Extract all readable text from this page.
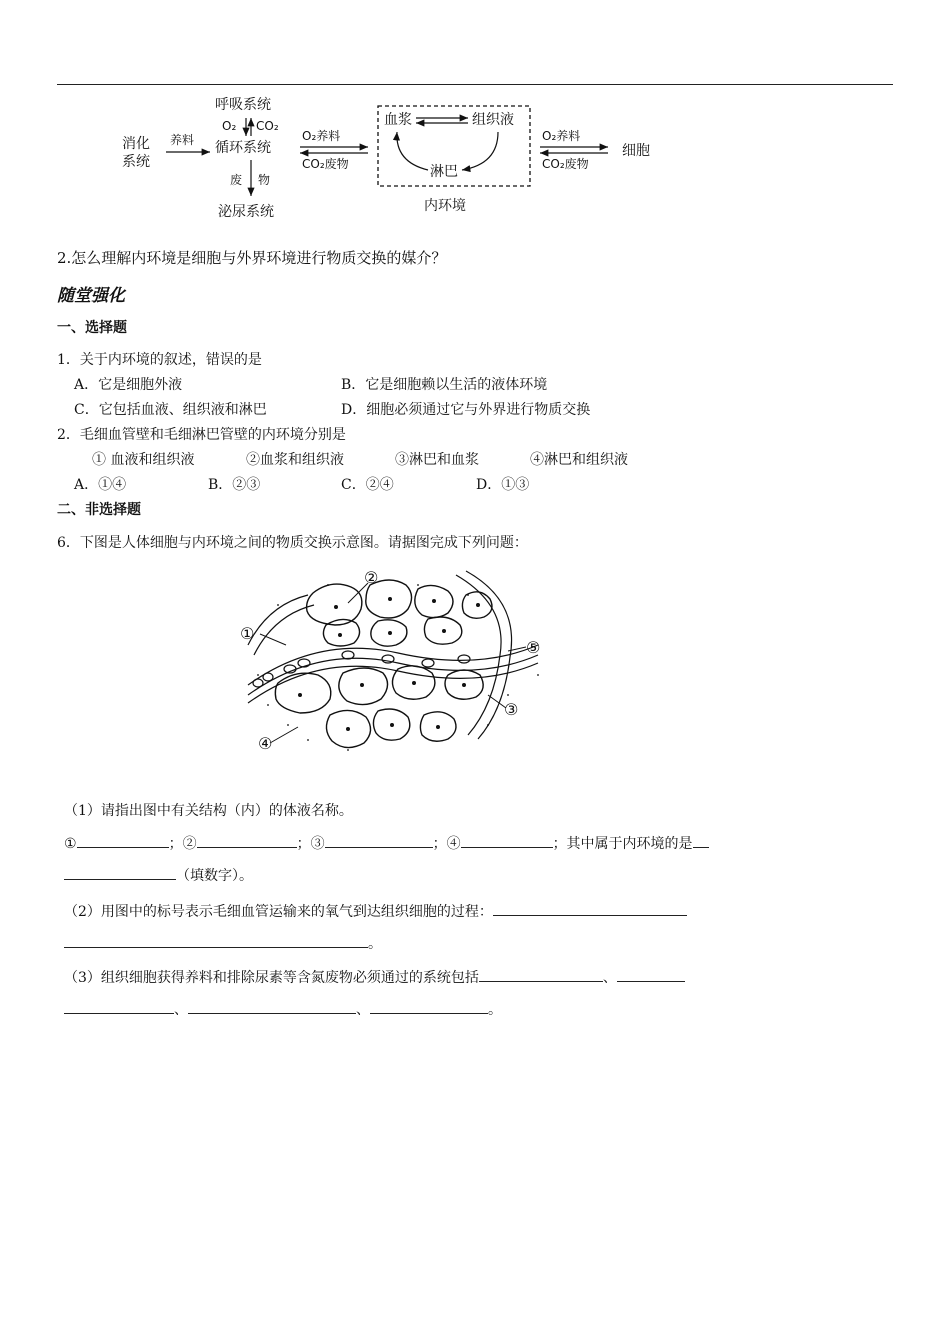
消化
系统
养料
呼吸系统
O₂ CO₂
循环系统
废 物
泌尿系统
O₂养料
CO₂废物
血浆	组织液
淋巴
内环境
O₂养料
CO₂废物
细胞
2.怎么理解内环境是细胞与外界环境进行物质交换的媒介？
随堂强化
一、选择题
1．关于内环境的叙述，错误的是
A．它是细胞外液	B．它是细胞赖以生活的液体环境
C．它包括血液、组织液和淋巴	D．细胞必须通过它与外界进行物质交换
2．毛细血管壁和毛细淋巴管壁的内环境分别是
① 血液和组织液	②血浆和组织液	③淋巴和血浆	④淋巴和组织液
A．①④	B．②③	C．②④	D．①③
二、非选择题
6．下图是人体细胞与内环境之间的物质交换示意图。请据图完成下列问题：
①
②
③
④
⑤
（1）请指出图中有关结构（内）的体液名称。
①	；②	；③	；④	；其中属于内环境的是
（填数字）。
（2）用图中的标号表示毛细血管运输来的氧气到达组织细胞的过程：
。
（3）组织细胞获得养料和排除尿素等含氮废物必须通过的系统包括	、
、	、	。
